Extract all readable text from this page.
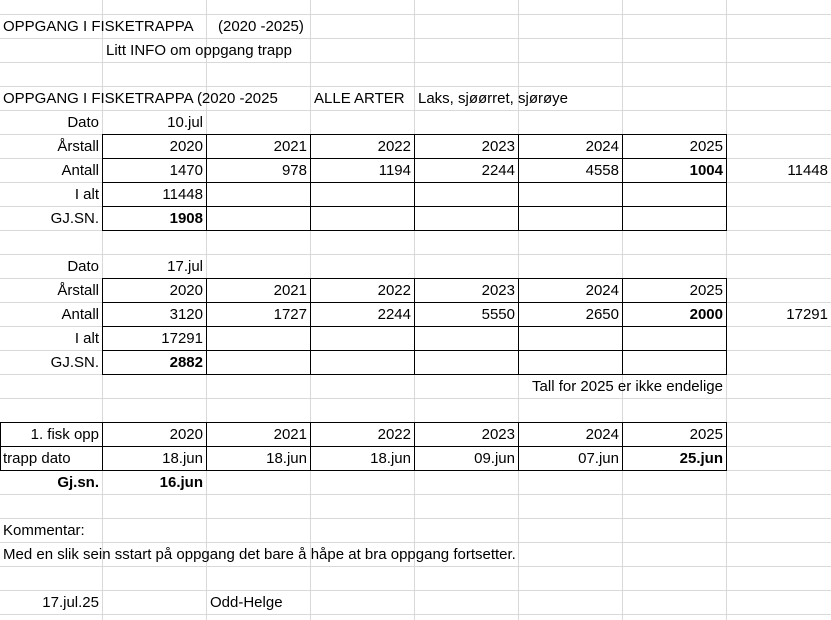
OPPGANG I FISKETRAPPA	(2020 -2025)
Litt INFO om oppgang trapp
OPPGANG I FISKETRAPPA (2020 -2025	ALLE ARTER Laks, sjøørret, sjørøye
Dato	10.jul
Årstall	2020	2021	2022	2023	2024	2025
Antall	1470	978	1194	2244	4558	1004	11448
I alt	11448
GJ.SN.	1908
Dato	17.jul
Årstall	2020	2021	2022	2023	2024	2025
Antall	3120	1727	2244	5550	2650	2000	17291
I alt	17291
GJ.SN.	2882
Tall for 2025 er ikke endelige
1. fisk opp	2020	2021	2022	2023	2024	2025
trapp dato	18.jun	18.jun	18.jun	09.jun	07.jun	25.jun
Gj.sn.	16.jun
Kommentar:
Med en slik sein sstart på oppgang det bare å håpe at bra oppgang fortsetter.
17.jul.25	Odd-Helge
